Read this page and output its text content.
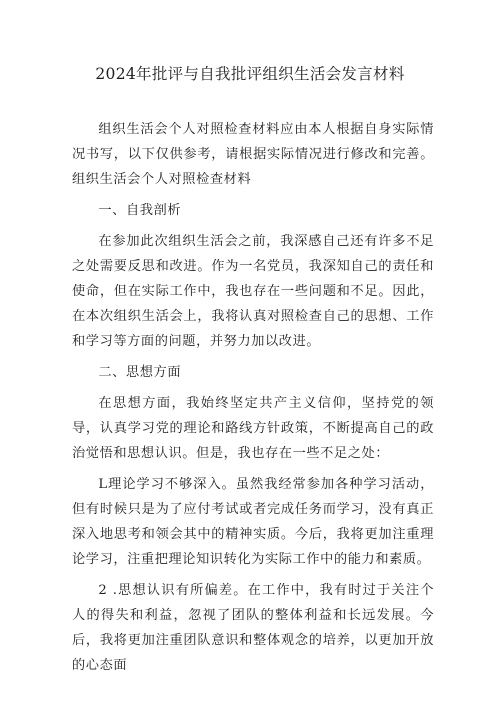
2024年批评与自我批评组织生活会发言材料

组织生活会个人对照检查材料应由本人根据自身实际情况书写，以下仅供参考，请根据实际情况进行修改和完善。组织生活会个人对照检查材料

一、自我剖析

在参加此次组织生活会之前，我深感自己还有许多不足之处需要反思和改进。作为一名党员，我深知自己的责任和使命，但在实际工作中，我也存在一些问题和不足。因此，在本次组织生活会上，我将认真对照检查自己的思想、工作和学习等方面的问题，并努力加以改进。

二、思想方面

在思想方面，我始终坚定共产主义信仰，坚持党的领导，认真学习党的理论和路线方针政策，不断提高自己的政治觉悟和思想认识。但是，我也存在一些不足之处：

L理论学习不够深入。虽然我经常参加各种学习活动，但有时候只是为了应付考试或者完成任务而学习，没有真正深入地思考和领会其中的精神实质。今后，我将更加注重理论学习，注重把理论知识转化为实际工作中的能力和素质。

2 .思想认识有所偏差。在工作中，我有时过于关注个人的得失和利益，忽视了团队的整体利益和长远发展。今后，我将更加注重团队意识和整体观念的培养，以更加开放的心态面
